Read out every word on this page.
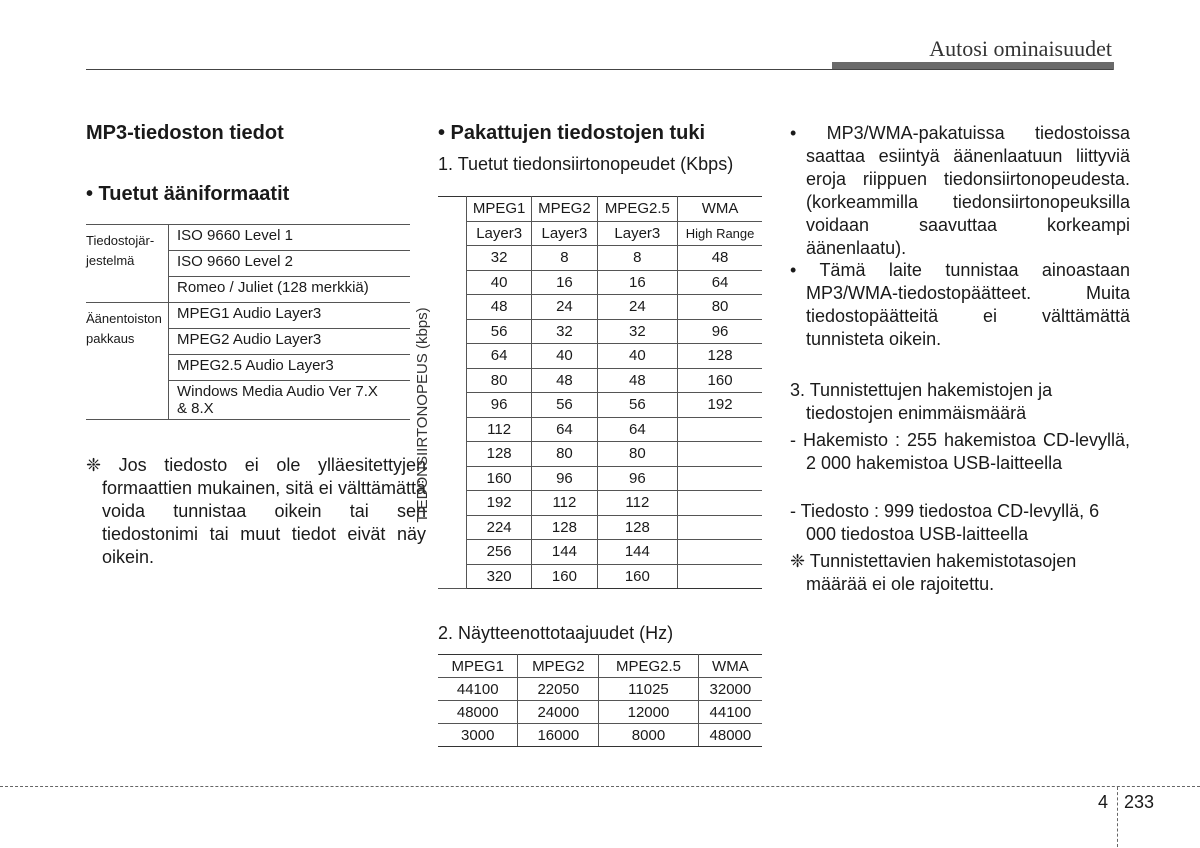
Autosi ominaisuudet
MP3-tiedoston tiedot
• Tuetut ääniformaatit
Tiedostojär-
jestelmä	ISO 9660 Level 1
	ISO 9660 Level 2
	Romeo / Juliet (128 merkkiä)
Äänentoiston
pakkaus	MPEG1 Audio Layer3
	MPEG2 Audio Layer3
	MPEG2.5 Audio Layer3
	Windows Media Audio Ver 7.X
& 8.X
❈ Jos tiedosto ei ole ylläesitettyjen formaattien mukainen, sitä ei välttämättä voida tunnistaa oikein tai sen tiedostonimi tai muut tiedot eivät näy oikein.
• Pakattujen tiedostojen tuki
1. Tuetut tiedonsiirtonopeudet (Kbps)
	MPEG1	MPEG2	MPEG2.5	WMA
	Layer3	Layer3	Layer3	High Range
	32	8	8	48
	40	16	16	64
	48	24	24	80
	56	32	32	96
	64	40	40	128
	80	48	48	160
	96	56	56	192
	112	64	64	
	128	80	80	
	160	96	96	
	192	112	112	
	224	128	128	
	256	144	144	
	320	160	160	
TIEDONSIIRTONOPEUS (kbps)
2. Näytteenottotaajuudet (Hz)
MPEG1	MPEG2	MPEG2.5	WMA
44100	22050	11025	32000
48000	24000	12000	44100
3000	16000	8000	48000
• MP3/WMA-pakatuissa tiedostoissa saattaa esiintyä äänenlaatuun liittyviä eroja riippuen tiedonsiirtonopeudesta. (korkeammilla tiedonsiirtonopeuksilla voidaan saavuttaa korkeampi äänenlaatu).
• Tämä laite tunnistaa ainoastaan MP3/WMA-tiedostopäätteet. Muita tiedostopäätteitä ei välttämättä tunnisteta oikein.
3. Tunnistettujen hakemistojen ja tiedostojen enimmäismäärä
- Hakemisto : 255 hakemistoa CD-levyllä, 2 000 hakemistoa USB-laitteella
- Tiedosto : 999 tiedostoa CD-levyllä, 6 000 tiedostoa USB-laitteella
❈ Tunnistettavien hakemistotasojen määrää ei ole rajoitettu.
4 233
